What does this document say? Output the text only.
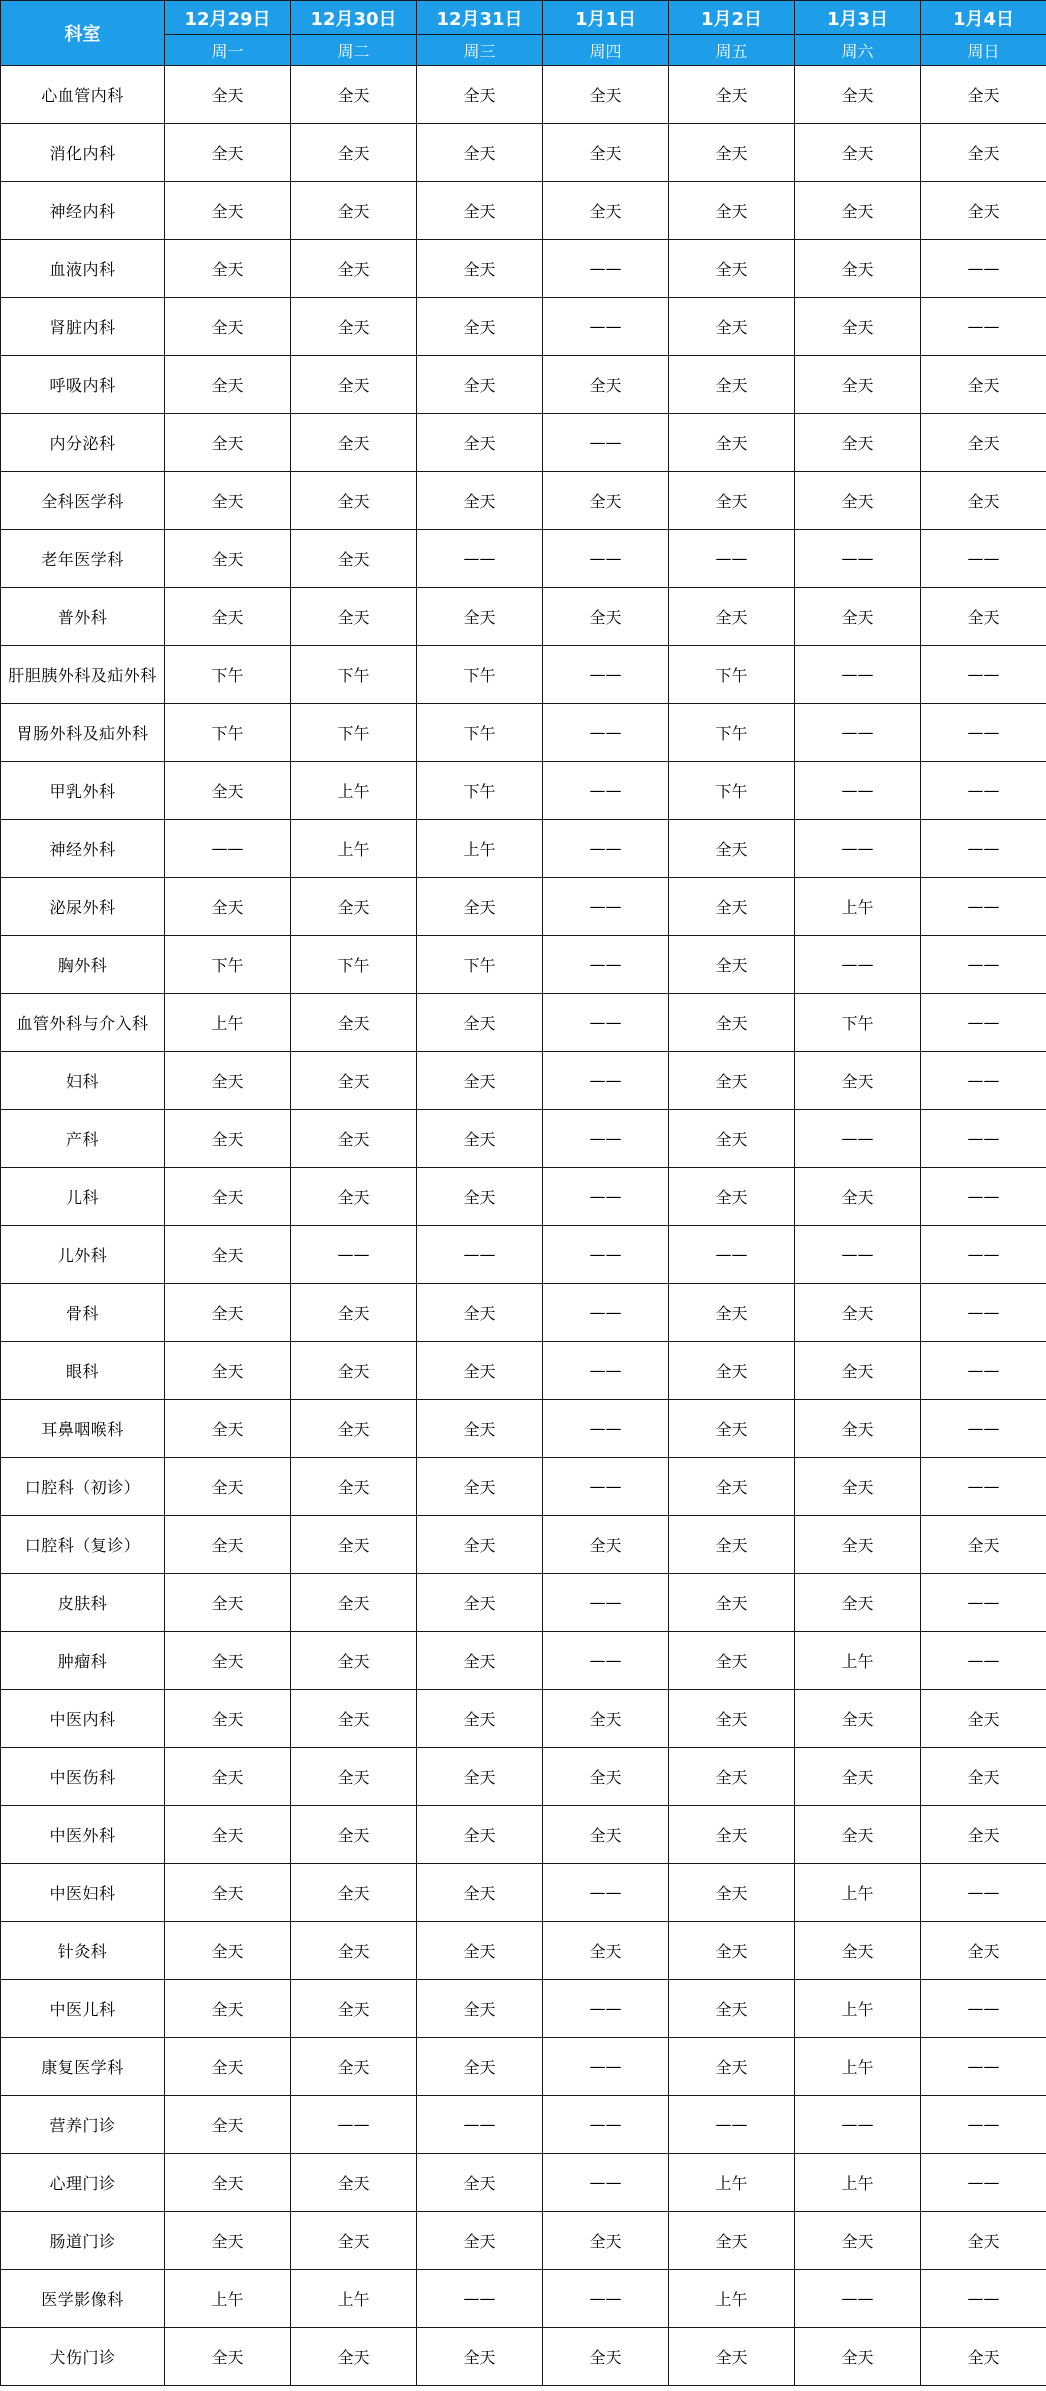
科室	12月29日	12月30日	12月31日	1月1日	1月2日	1月3日	1月4日
	周一	周二	周三	周四	周五	周六	周日
心血管内科	全天	全天	全天	全天	全天	全天	全天
消化内科	全天	全天	全天	全天	全天	全天	全天
神经内科	全天	全天	全天	全天	全天	全天	全天
血液内科	全天	全天	全天	——	全天	全天	——
肾脏内科	全天	全天	全天	——	全天	全天	——
呼吸内科	全天	全天	全天	全天	全天	全天	全天
内分泌科	全天	全天	全天	——	全天	全天	全天
全科医学科	全天	全天	全天	全天	全天	全天	全天
老年医学科	全天	全天	——	——	——	——	——
普外科	全天	全天	全天	全天	全天	全天	全天
肝胆胰外科及疝外科	下午	下午	下午	——	下午	——	——
胃肠外科及疝外科	下午	下午	下午	——	下午	——	——
甲乳外科	全天	上午	下午	——	下午	——	——
神经外科	——	上午	上午	——	全天	——	——
泌尿外科	全天	全天	全天	——	全天	上午	——
胸外科	下午	下午	下午	——	全天	——	——
血管外科与介入科	上午	全天	全天	——	全天	下午	——
妇科	全天	全天	全天	——	全天	全天	——
产科	全天	全天	全天	——	全天	——	——
儿科	全天	全天	全天	——	全天	全天	——
儿外科	全天	——	——	——	——	——	——
骨科	全天	全天	全天	——	全天	全天	——
眼科	全天	全天	全天	——	全天	全天	——
耳鼻咽喉科	全天	全天	全天	——	全天	全天	——
口腔科（初诊）	全天	全天	全天	——	全天	全天	——
口腔科（复诊）	全天	全天	全天	全天	全天	全天	全天
皮肤科	全天	全天	全天	——	全天	全天	——
肿瘤科	全天	全天	全天	——	全天	上午	——
中医内科	全天	全天	全天	全天	全天	全天	全天
中医伤科	全天	全天	全天	全天	全天	全天	全天
中医外科	全天	全天	全天	全天	全天	全天	全天
中医妇科	全天	全天	全天	——	全天	上午	——
针灸科	全天	全天	全天	全天	全天	全天	全天
中医儿科	全天	全天	全天	——	全天	上午	——
康复医学科	全天	全天	全天	——	全天	上午	——
营养门诊	全天	——	——	——	——	——	——
心理门诊	全天	全天	全天	——	上午	上午	——
肠道门诊	全天	全天	全天	全天	全天	全天	全天
医学影像科	上午	上午	——	——	上午	——	——
犬伤门诊	全天	全天	全天	全天	全天	全天	全天
